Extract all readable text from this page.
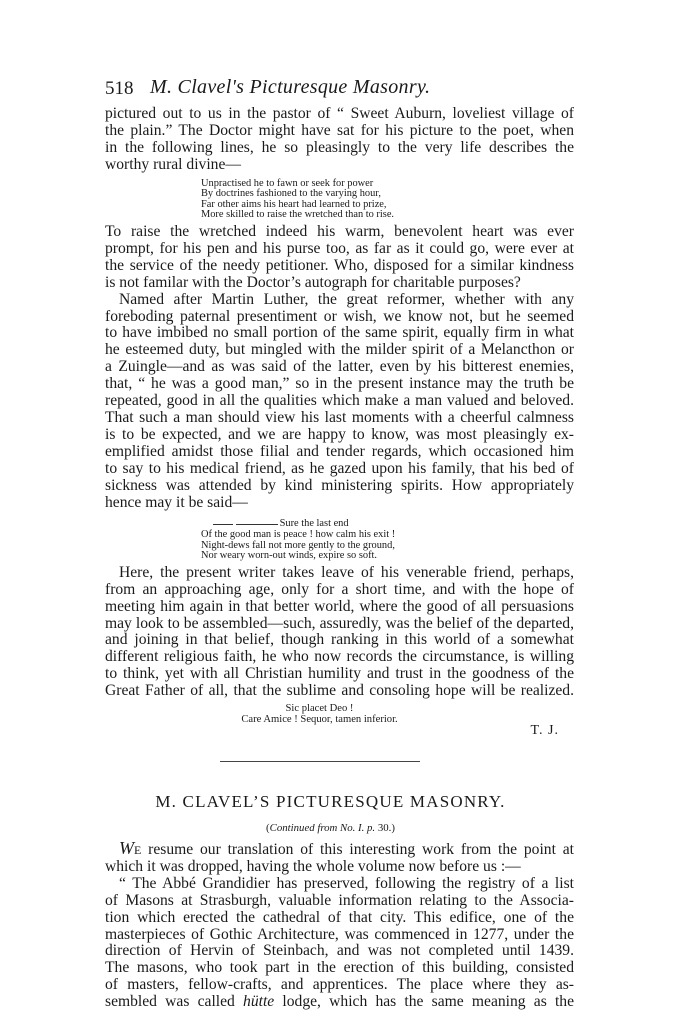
518 M. Clavel's Picturesque Masonry.

pictured out to us in the pastor of “ Sweet Auburn, loveliest village of
the plain.” The Doctor might have sat for his picture to the poet, when
in the following lines, he so pleasingly to the very life describes the
worthy rural divine—

Unpractised he to fawn or seek for power
By doctrines fashioned to the varying hour,
Far other aims his heart had learned to prize,
More skilled to raise the wretched than to rise.

To raise the wretched indeed his warm, benevolent heart was ever
prompt, for his pen and his purse too, as far as it could go, were ever at
the service of the needy petitioner. Who, disposed for a similar kindness
is not familar with the Doctor’s autograph for charitable purposes?

Named after Martin Luther, the great reformer, whether with any
foreboding paternal presentiment or wish, we know not, but he seemed
to have imbibed no small portion of the same spirit, equally firm in what
he esteemed duty, but mingled with the milder spirit of a Melancthon or
a Zuingle—and as was said of the latter, even by his bitterest enemies,
that, “ he was a good man,” so in the present instance may the truth be
repeated, good in all the qualities which make a man valued and beloved.
That such a man should view his last moments with a cheerful calmness
is to be expected, and we are happy to know, was most pleasingly ex-
emplified amidst those filial and tender regards, which occasioned him
to say to his medical friend, as he gazed upon his family, that his bed of
sickness was attended by kind ministering spirits. How appropriately
hence may it be said—

Sure the last end
Of the good man is peace ! how calm his exit !
Night-dews fall not more gently to the ground,
Nor weary worn-out winds, expire so soft.

Here, the present writer takes leave of his venerable friend, perhaps,
from an approaching age, only for a short time, and with the hope of
meeting him again in that better world, where the good of all persuasions
may look to be assembled—such, assuredly, was the belief of the departed,
and joining in that belief, though ranking in this world of a somewhat
different religious faith, he who now records the circumstance, is willing
to think, yet with all Christian humility and trust in the goodness of the
Great Father of all, that the sublime and consoling hope will be realized.

Sic placet Deo !
Care Amice ! Sequor, tamen inferior.
T. J.
M. CLAVEL’S PICTURESQUE MASONRY.
(Continued from No. I. p. 30.)

WE resume our translation of this interesting work from the point at
which it was dropped, having the whole volume now before us :—

“ The Abbé Grandidier has preserved, following the registry of a list
of Masons at Strasburgh, valuable information relating to the Associa-
tion which erected the cathedral of that city. This edifice, one of the
masterpieces of Gothic Architecture, was commenced in 1277, under the
direction of Hervin of Steinbach, and was not completed until 1439.
The masons, who took part in the erection of this building, consisted
of masters, fellow-crafts, and apprentices. The place where they as-
sembled was called hütte lodge, which has the same meaning as the
